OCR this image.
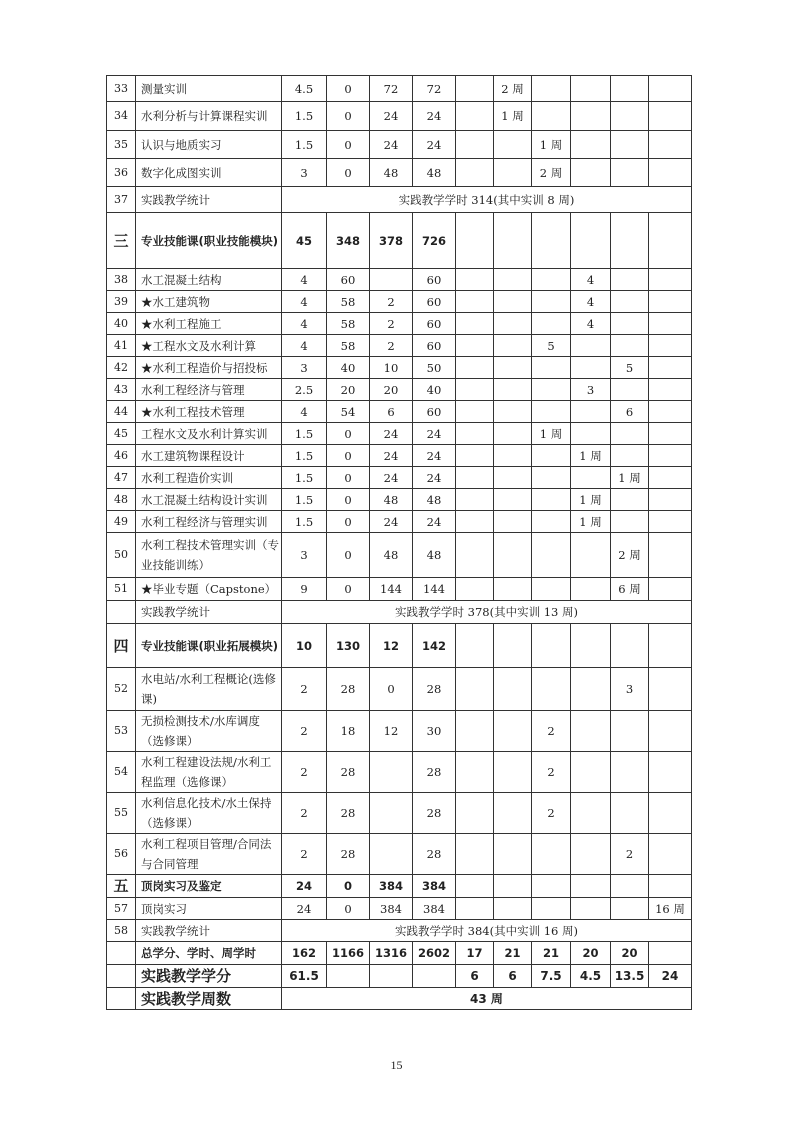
33	测量实训	4.5	0	72	72		2 周				
34	水利分析与计算课程实训	1.5	0	24	24		1 周				
35	认识与地质实习	1.5	0	24	24			1 周			
36	数字化成图实训	3	0	48	48			2 周			
37	实践教学统计	实践教学学时 314(其中实训 8 周)									
三	专业技能课(职业技能模块)	45	348	378	726						
38	水工混凝土结构	4	60		60				4		
39	★水工建筑物	4	58	2	60				4		
40	★水利工程施工	4	58	2	60				4		
41	★工程水文及水利计算	4	58	2	60			5			
42	★水利工程造价与招投标	3	40	10	50					5	
43	水利工程经济与管理	2.5	20	20	40				3		
44	★水利工程技术管理	4	54	6	60					6	
45	工程水文及水利计算实训	1.5	0	24	24			1 周			
46	水工建筑物课程设计	1.5	0	24	24				1 周		
47	水利工程造价实训	1.5	0	24	24					1 周	
48	水工混凝土结构设计实训	1.5	0	48	48				1 周		
49	水利工程经济与管理实训	1.5	0	24	24				1 周		
50	水利工程技术管理实训（专业技能训练）	3	0	48	48					2 周	
51	★毕业专题（Capstone）	9	0	144	144					6 周	
	实践教学统计	实践教学学时 378(其中实训 13 周)									
四	专业技能课(职业拓展模块)	10	130	12	142						
52	水电站/水利工程概论(选修课)	2	28	0	28					3	
53	无损检测技术/水库调度（选修课）	2	18	12	30			2			
54	水利工程建设法规/水利工程监理（选修课）	2	28		28			2			
55	水利信息化技术/水土保持（选修课）	2	28		28			2			
56	水利工程项目管理/合同法与合同管理	2	28		28					2	
五	顶岗实习及鉴定	24	0	384	384						
57	顶岗实习	24	0	384	384						16 周
58	实践教学统计	实践教学学时 384(其中实训 16 周)									
	总学分、学时、周学时	162	1166	1316	2602	17	21	21	20	20	
	实践教学学分	61.5				6	6	7.5	4.5	13.5	24
	实践教学周数	43 周									
15
